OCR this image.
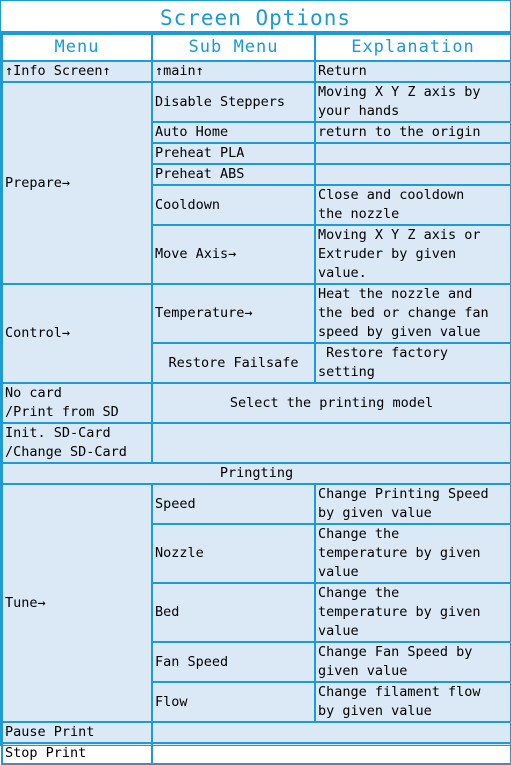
Screen Options
Menu	Sub Menu	Explanation
↑Info Screen↑	↑main↑	Return
Prepare→	Disable Steppers	Moving X Y Z axis by
your hands

	Auto Home	return to the origin
	Preheat PLA	
	Preheat ABS	
	Cooldown	Close and cooldown
the nozzle

	Move Axis→	Moving X Y Z axis or
Extruder by given
value.

Control→	Temperature→	Heat the nozzle and
the bed or change fan
speed by given value

	Restore Failsafe	Restore factory
setting

No card
/Print from SD	Select the printing model	

Init. SD-Card
/Change SD-Card		

Pringting		
Tune→	Speed	Change Printing Speed
by given value

	Nozzle	Change the
temperature by given
value

	Bed	Change the
temperature by given
value

	Fan Speed	Change Fan Speed by
given value

	Flow	Change filament flow
by given value

Pause Print		
Stop Print		
